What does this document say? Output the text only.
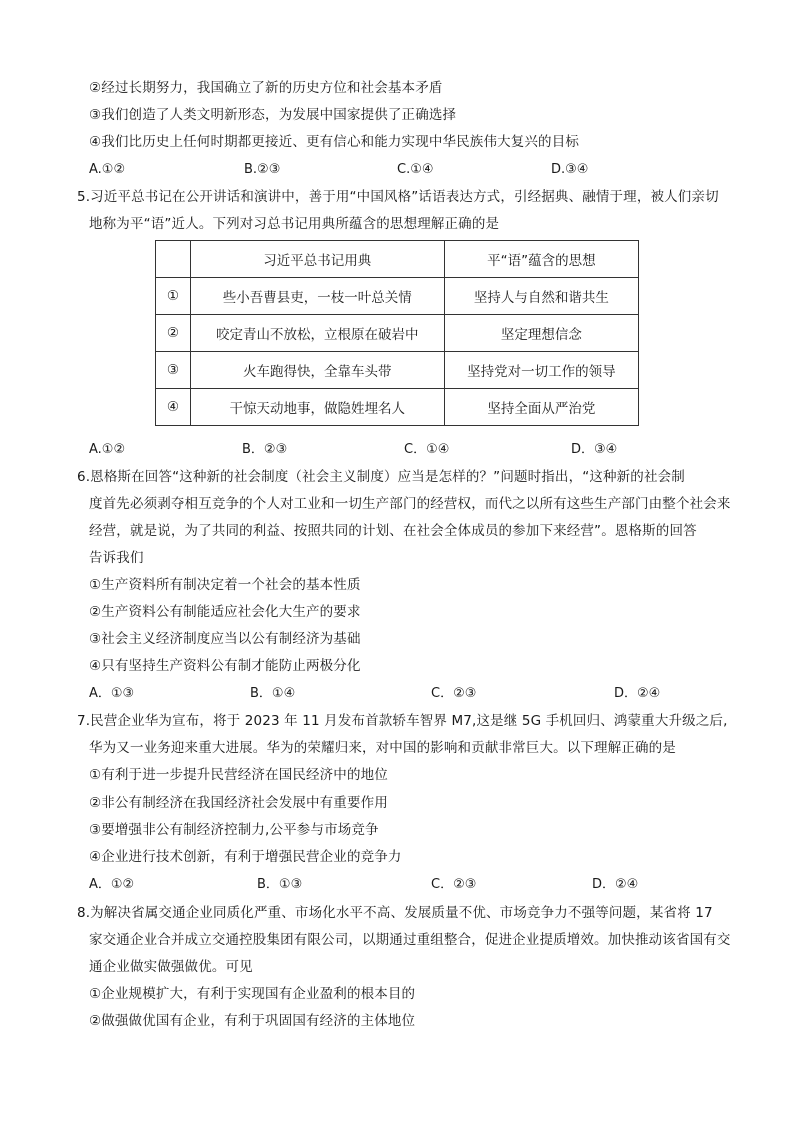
②经过长期努力，我国确立了新的历史方位和社会基本矛盾
③我们创造了人类文明新形态，为发展中国家提供了正确选择
④我们比历史上任何时期都更接近、更有信心和能力实现中华民族伟大复兴的目标
A.①②	B.②③	C.①④	D.③④
5.习近平总书记在公开讲话和演讲中，善于用“中国风格”话语表达方式，引经据典、融情于理，被人们亲切
地称为平“语”近人。下列对习总书记用典所蕴含的思想理解正确的是
	习近平总书记用典	平“语”蕴含的思想
①	些小吾曹县吏，一枝一叶总关情	坚持人与自然和谐共生
②	咬定青山不放松，立根原在破岩中	坚定理想信念
③	火车跑得快，全靠车头带	坚持党对一切工作的领导
④	干惊天动地事，做隐姓埋名人	坚持全面从严治党
A.①②	B．②③	C．①④	D．③④
6.恩格斯在回答“这种新的社会制度（社会主义制度）应当是怎样的？”问题时指出，“这种新的社会制
度首先必须剥夺相互竞争的个人对工业和一切生产部门的经营权，而代之以所有这些生产部门由整个社会来
经营，就是说，为了共同的利益、按照共同的计划、在社会全体成员的参加下来经营”。恩格斯的回答
告诉我们
①生产资料所有制决定着一个社会的基本性质
②生产资料公有制能适应社会化大生产的要求
③社会主义经济制度应当以公有制经济为基础
④只有坚持生产资料公有制才能防止两极分化
A．①③	B．①④	C．②③	D．②④
7.民营企业华为宣布，将于 2023 年 11 月发布首款轿车智界 M7,这是继 5G 手机回归、鸿蒙重大升级之后,
华为又一业务迎来重大进展。华为的荣耀归来，对中国的影响和贡献非常巨大。以下理解正确的是
①有利于进一步提升民营经济在国民经济中的地位
②非公有制经济在我国经济社会发展中有重要作用
③要增强非公有制经济控制力,公平参与市场竞争
④企业进行技术创新，有利于增强民营企业的竞争力
A．①②	B．①③	C．②③	D．②④
8.为解决省属交通企业同质化严重、市场化水平不高、发展质量不优、市场竞争力不强等问题，某省将 17
家交通企业合并成立交通控股集团有限公司，以期通过重组整合，促进企业提质增效。加快推动该省国有交
通企业做实做强做优。可见
①企业规模扩大，有利于实现国有企业盈利的根本目的
②做强做优国有企业，有利于巩固国有经济的主体地位
